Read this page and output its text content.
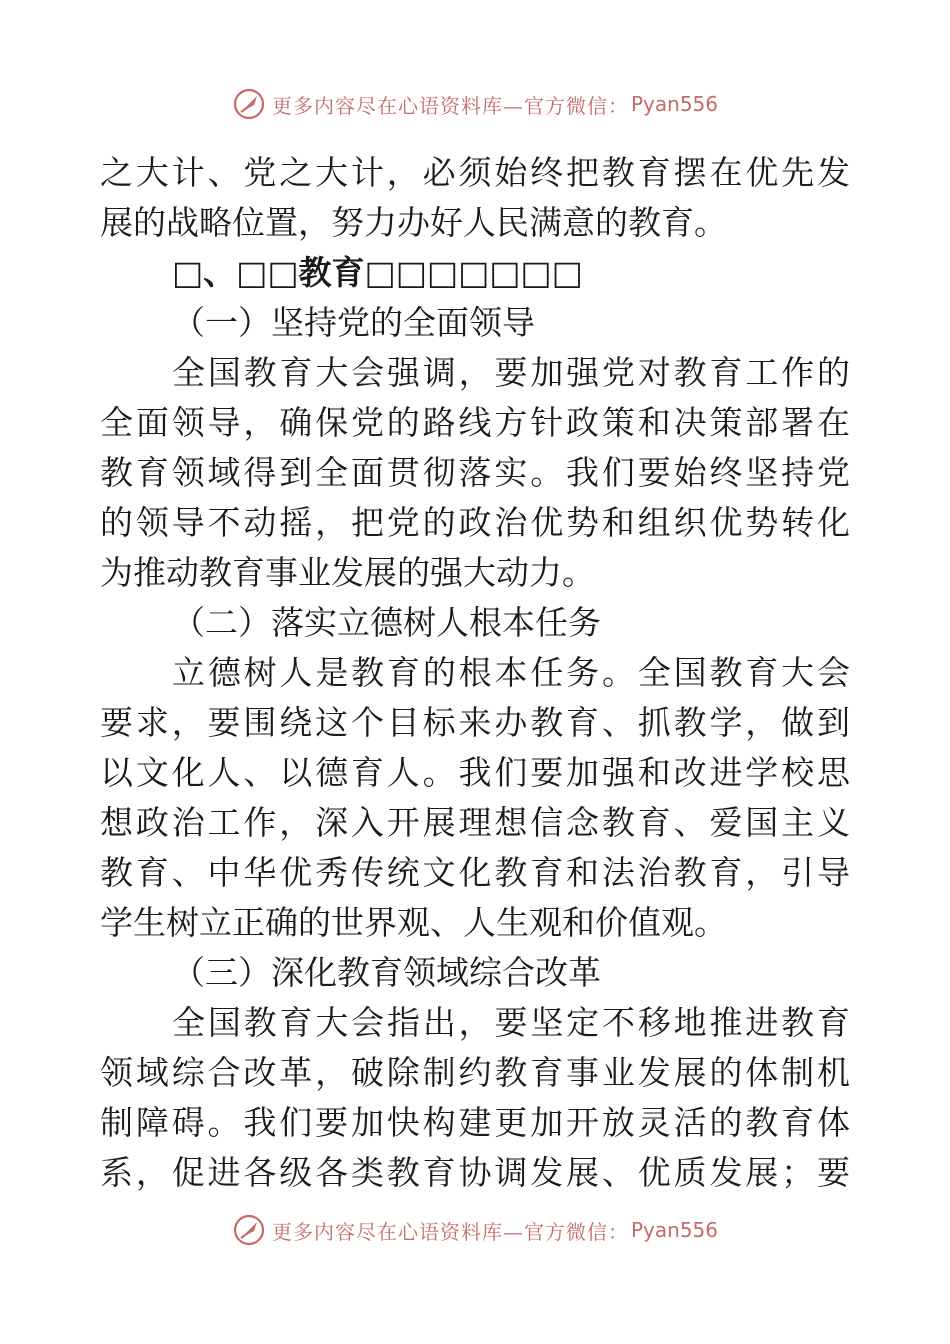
更多内容尽在心语资料库—官方微信： Pyan556
之大计、党之大计，必须始终把教育摆在优先发
展的战略位置，努力办好人民满意的教育。
□、□□教育□□□□□□□
（一）坚持党的全面领导
全国教育大会强调，要加强党对教育工作的
全面领导，确保党的路线方针政策和决策部署在
教育领域得到全面贯彻落实。我们要始终坚持党
的领导不动摇，把党的政治优势和组织优势转化
为推动教育事业发展的强大动力。
（二）落实立德树人根本任务
立德树人是教育的根本任务。全国教育大会
要求，要围绕这个目标来办教育、抓教学，做到
以文化人、以德育人。我们要加强和改进学校思
想政治工作，深入开展理想信念教育、爱国主义
教育、中华优秀传统文化教育和法治教育，引导
学生树立正确的世界观、人生观和价值观。
（三）深化教育领域综合改革
全国教育大会指出，要坚定不移地推进教育
领域综合改革，破除制约教育事业发展的体制机
制障碍。我们要加快构建更加开放灵活的教育体
系，促进各级各类教育协调发展、优质发展；要
更多内容尽在心语资料库—官方微信： Pyan556
